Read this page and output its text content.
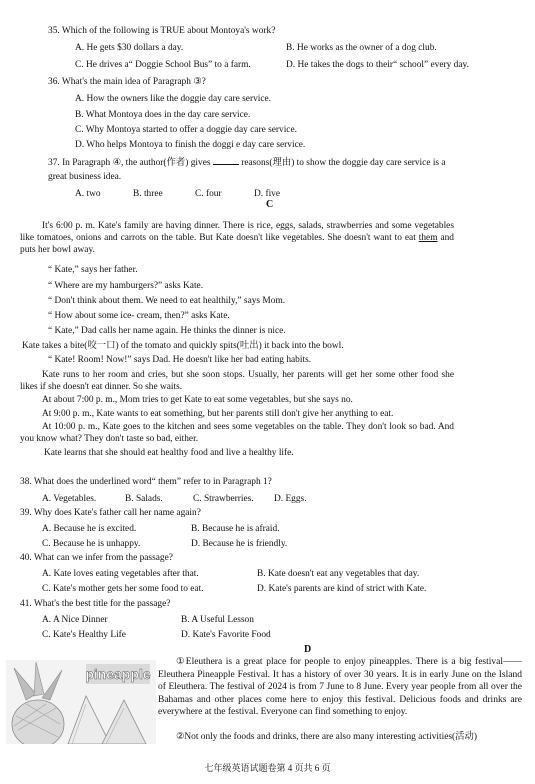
35. Which of the following is TRUE about Montoya's work?
A. He gets $30 dollars a day.	B. He works as the owner of a dog club.
C. He drives a“ Doggie School Bus” to a farm.	D. He takes the dogs to their“ school” every day.
36. What's the main idea of Paragraph ③?
A. How the owners like the doggie day care service.
B. What Montoya does in the day care service.
C. Why Montoya started to offer a doggie day care service.
D. Who helps Montoya to finish the doggi e day care service.
37. In Paragraph ④, the author(作者) gives	reasons(理由) to show the doggie day care service is a
great business idea.
A. two	B. three	C. four	D. five
C
It's 6:00 p. m. Kate's family are having dinner. There is rice, eggs, salads, strawberries and some vegetables like tomatoes, onions and carrots on the table. But Kate doesn't like vegetables. She doesn't want to eat them and puts her bowl away.
“ Kate,” says her father.
“ Where are my hamburgers?” asks Kate.
“ Don't think about them. We need to eat healthily,” says Mom.
“ How about some ice- cream, then?” asks Kate.
“ Kate,” Dad calls her name again. He thinks the dinner is nice.
Kate takes a bite(咬一口) of the tomato and quickly spits(吐出) it back into the bowl.
“ Kate! Room! Now!” says Dad. He doesn't like her bad eating habits.
Kate runs to her room and cries, but she soon stops. Usually, her parents will get her some other food she likes if she doesn't eat dinner. So she waits.
At about 7:00 p. m., Mom tries to get Kate to eat some vegetables, but she says no.
At 9:00 p. m., Kate wants to eat something, but her parents still don't give her anything to eat.
At 10:00 p. m., Kate goes to the kitchen and sees some vegetables on the table. They don't look so bad. And you know what? They don't taste so bad, either.
Kate learns that she should eat healthy food and live a healthy life.
38. What does the underlined word“ them” refer to in Paragraph 1?
A. Vegetables.	B. Salads.	C. Strawberries. D. Eggs.
39. Why does Kate's father call her name again?
A. Because he is excited.	B. Because he is afraid.
C. Because he is unhappy.	D. Because he is friendly.
40. What can we infer from the passage?
A. Kate loves eating vegetables after that.	B. Kate doesn't eat any vegetables that day.
C. Kate's mother gets her some food to eat.	D. Kate's parents are kind of strict with Kate.
41. What's the best title for the passage?
A. A Nice Dinner	B. A Useful Lesson
C. Kate's Healthy Life	D. Kate's Favorite Food
D
pineapple
①Eleuthera is a great place for people to enjoy pineapples. There is a big festival—— Eleuthera Pineapple Festival. It has a history of over 30 years. It is in early June on the Island of Eleuthera. The festival of 2024 is from 7 June to 8 June. Every year people from all over the Bahamas and other places come here to enjoy this festival. Delicious foods and drinks are everywhere at the festival. Everyone can find something to enjoy.
②Not only the foods and drinks, there are also many interesting activities(活动)
七年级英语试题卷第 4 页共 6 页
